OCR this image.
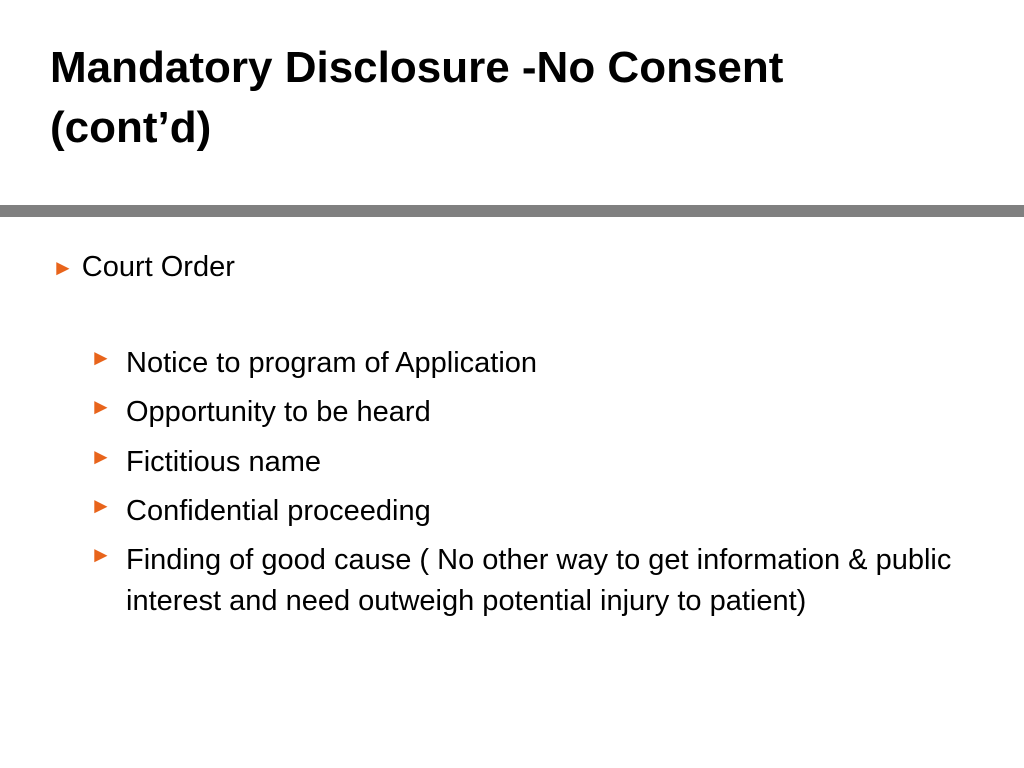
Mandatory Disclosure -No Consent
(cont’d)
► Court Order
► Notice to program of Application
► Opportunity to be heard
► Fictitious name
► Confidential proceeding
► Finding of good cause ( No other way to get information & public interest and need outweigh potential injury to patient)
